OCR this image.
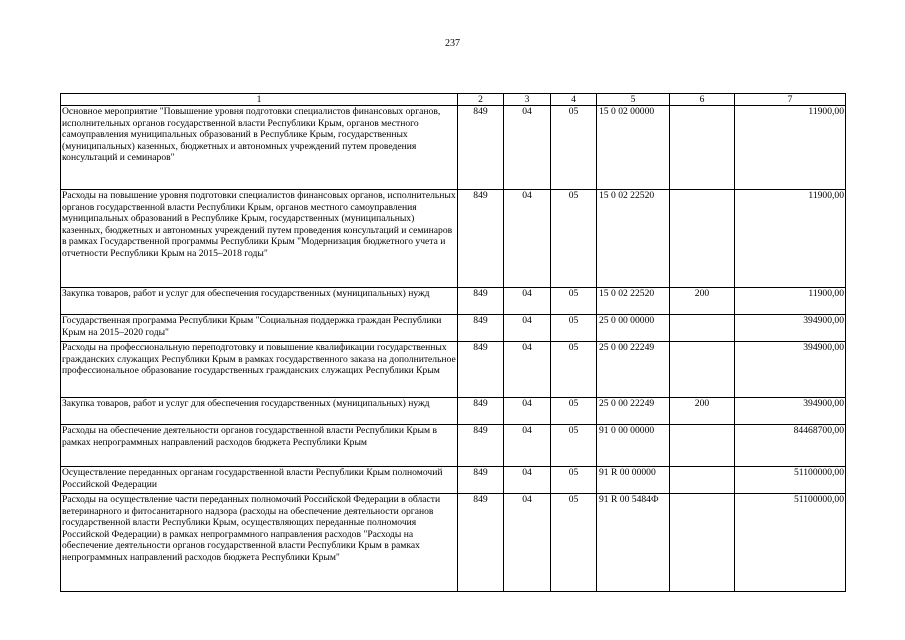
237
1	2	3	4	5	6	7
Основное мероприятие "Повышение уровня подготовки специалистов финансовых органов, исполнительных органов государственной власти Республики Крым, органов местного самоуправления муниципальных образований в Республике Крым, государственных (муниципальных) казенных, бюджетных и автономных учреждений путем проведения консультаций и семинаров"	849	04	05	15 0 02 00000		11900,00
Расходы на повышение уровня подготовки специалистов финансовых органов, исполнительных органов государственной власти Республики Крым, органов местного самоуправления муниципальных образований в Республике Крым, государственных (муниципальных) казенных, бюджетных и автономных учреждений путем проведения консультаций и семинаров в рамках Государственной программы Республики Крым "Модернизация бюджетного учета и отчетности Республики Крым на 2015–2018 годы"	849	04	05	15 0 02 22520		11900,00
Закупка товаров, работ и услуг для обеспечения государственных (муниципальных) нужд	849	04	05	15 0 02 22520	200	11900,00
Государственная программа Республики Крым "Социальная поддержка граждан Республики Крым на 2015–2020 годы"	849	04	05	25 0 00 00000		394900,00
Расходы на профессиональную переподготовку и повышение квалификации государственных гражданских служащих Республики Крым в рамках государственного заказа на дополнительное профессиональное образование государственных гражданских служащих Республики Крым	849	04	05	25 0 00 22249		394900,00
Закупка товаров, работ и услуг для обеспечения государственных (муниципальных) нужд	849	04	05	25 0 00 22249	200	394900,00
Расходы на обеспечение деятельности органов государственной власти Республики Крым в рамках непрограммных направлений расходов бюджета Республики Крым	849	04	05	91 0 00 00000		84468700,00
Осуществление переданных органам государственной власти Республики Крым полномочий Российской Федерации	849	04	05	91 R 00 00000		51100000,00
Расходы на осуществление части переданных полномочий Российской Федерации в области ветеринарного и фитосанитарного надзора (расходы на обеспечение деятельности органов государственной власти Республики Крым, осуществляющих переданные полномочия Российской Федерации) в рамках непрограммного направления расходов "Расходы на обеспечение деятельности органов государственной власти Республики Крым в рамках непрограммных направлений расходов бюджета Республики Крым"	849	04	05	91 R 00 5484Ф		51100000,00
